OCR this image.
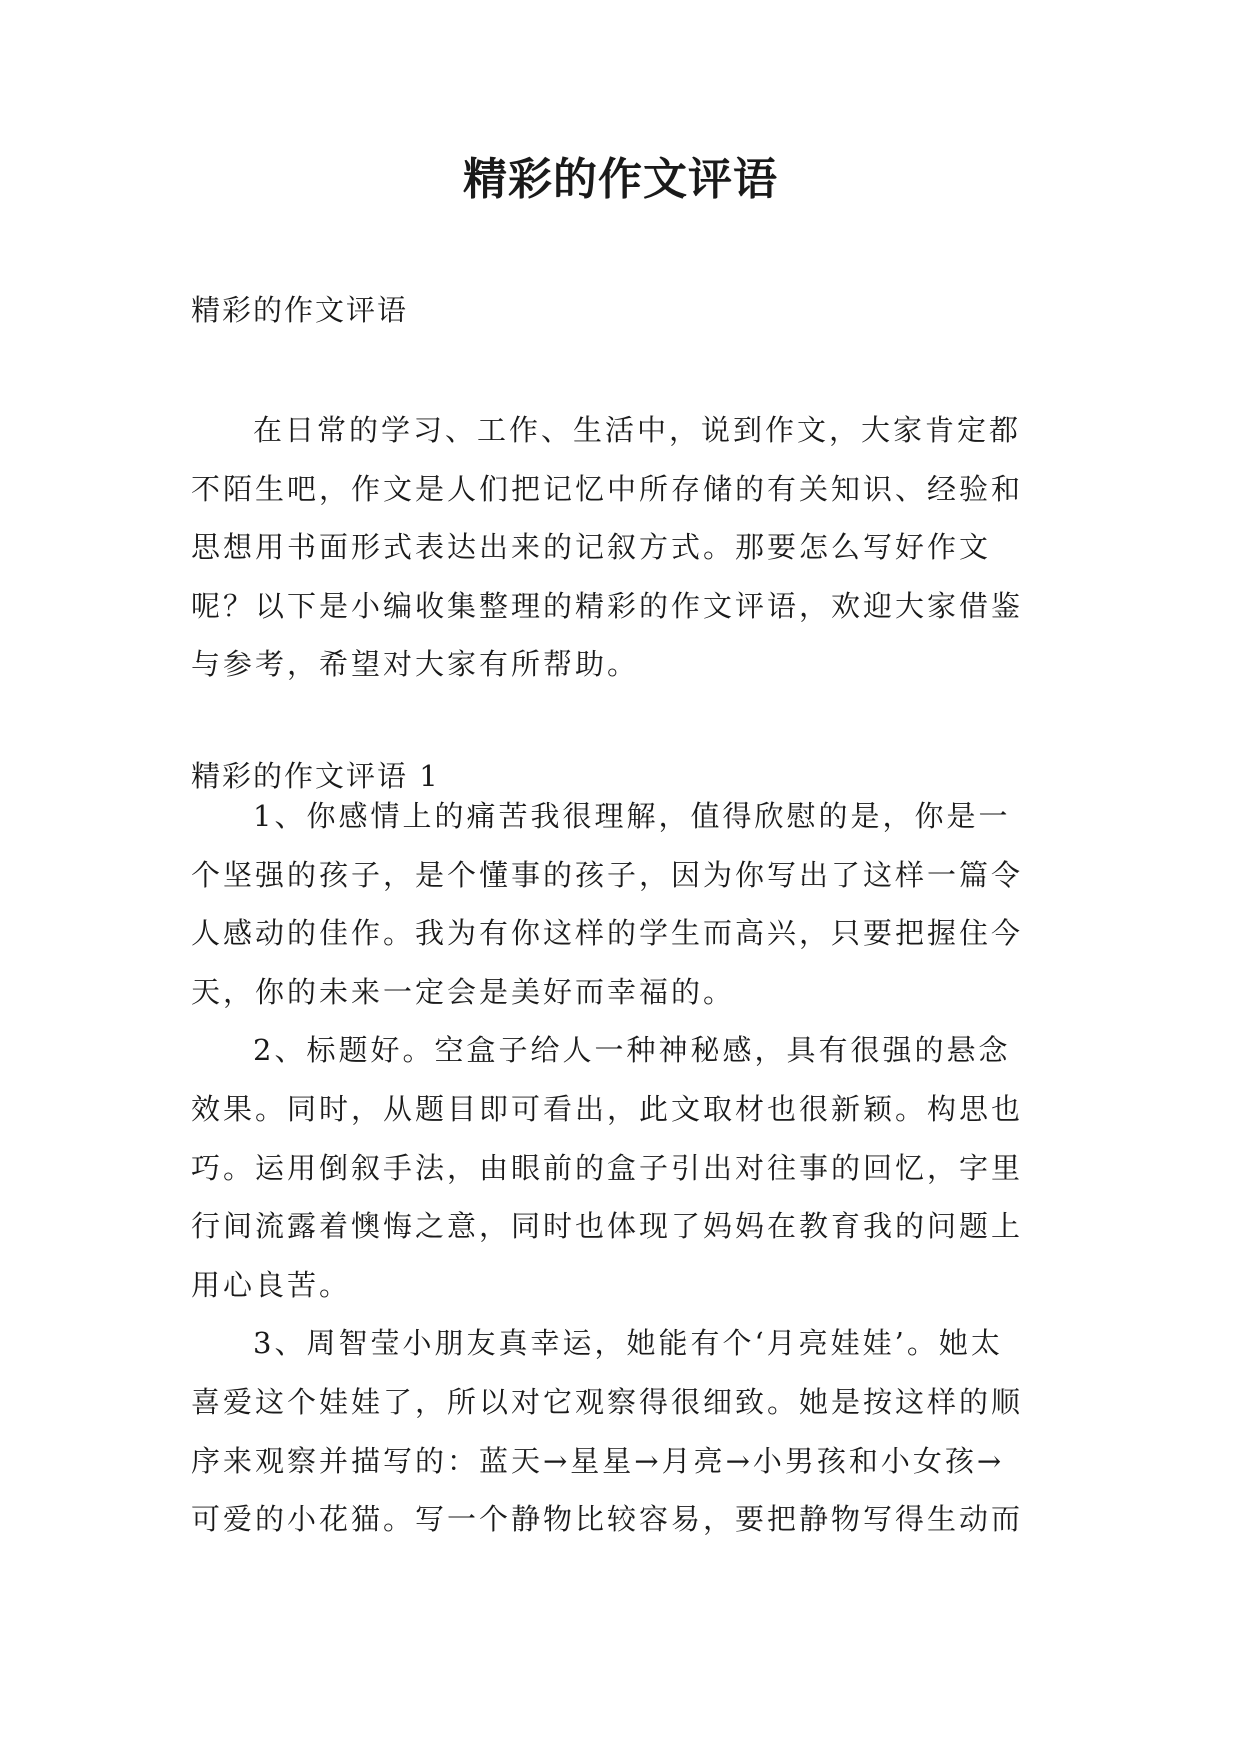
精彩的作文评语
精彩的作文评语
在日常的学习、工作、生活中，说到作文，大家肯定都
不陌生吧，作文是人们把记忆中所存储的有关知识、经验和
思想用书面形式表达出来的记叙方式。那要怎么写好作文
呢？以下是小编收集整理的精彩的作文评语，欢迎大家借鉴
与参考，希望对大家有所帮助。
精彩的作文评语 1
1、你感情上的痛苦我很理解，值得欣慰的是，你是一
个坚强的孩子，是个懂事的孩子，因为你写出了这样一篇令
人感动的佳作。我为有你这样的学生而高兴，只要把握住今
天，你的未来一定会是美好而幸福的。
2、标题好。空盒子给人一种神秘感，具有很强的悬念
效果。同时，从题目即可看出，此文取材也很新颖。构思也
巧。运用倒叙手法，由眼前的盒子引出对往事的回忆，字里
行间流露着懊悔之意，同时也体现了妈妈在教育我的问题上
用心良苦。
3、周智莹小朋友真幸运，她能有个‘月亮娃娃’。她太
喜爱这个娃娃了，所以对它观察得很细致。她是按这样的顺
序来观察并描写的：蓝天→星星→月亮→小男孩和小女孩→
可爱的小花猫。写一个静物比较容易，要把静物写得生动而
